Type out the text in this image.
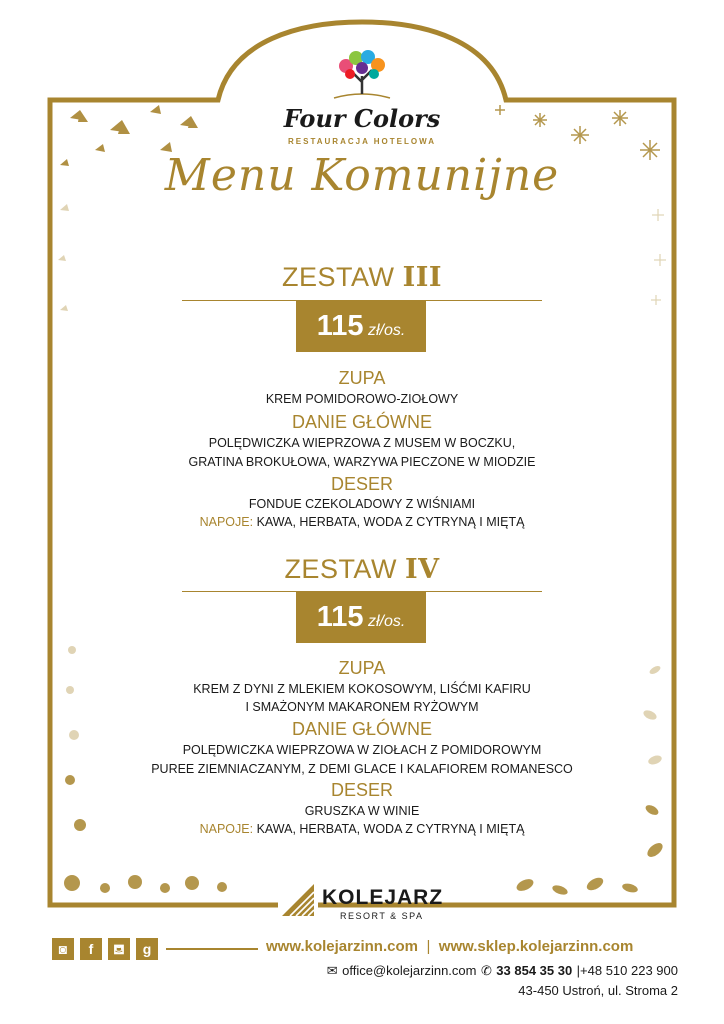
Four Colors
RESTAURACJA HOTELOWA
Menu Komunijne
ZESTAW III
115 zł/os.
ZUPA
KREM POMIDOROWO-ZIOŁOWY
DANIE GŁÓWNE
POLĘDWICZKA WIEPRZOWA Z MUSEM W BOCZKU,
GRATINA BROKUŁOWA, WARZYWA PIECZONE W MIODZIE
DESER
FONDUE CZEKOLADOWY Z WIŚNIAMI
NAPOJE: KAWA, HERBATA, WODA Z CYTRYNĄ I MIĘTĄ
ZESTAW IV
115 zł/os.
ZUPA
KREM Z DYNI Z MLEKIEM KOKOSOWYM, LIŚĆMI KAFIRU
I SMAŻONYM MAKARONEM RYŻOWYM
DANIE GŁÓWNE
POLĘDWICZKA WIEPRZOWA W ZIOŁACH Z POMIDOROWYM
PUREE ZIEMNIACZANYM, Z DEMI GLACE I KALAFIOREM ROMANESCO
DESER
GRUSZKA W WINIE
NAPOJE: KAWA, HERBATA, WODA Z CYTRYNĄ I MIĘTĄ
KOLEJARZ
RESORT & SPA
◙	f	⛾	g	www.kolejarzinn.com | www.sklep.kolejarzinn.com
✉ office@kolejarzinn.com ✆ 33 854 35 30 |+48 510 223 900
43-450 Ustroń, ul. Stroma 2
